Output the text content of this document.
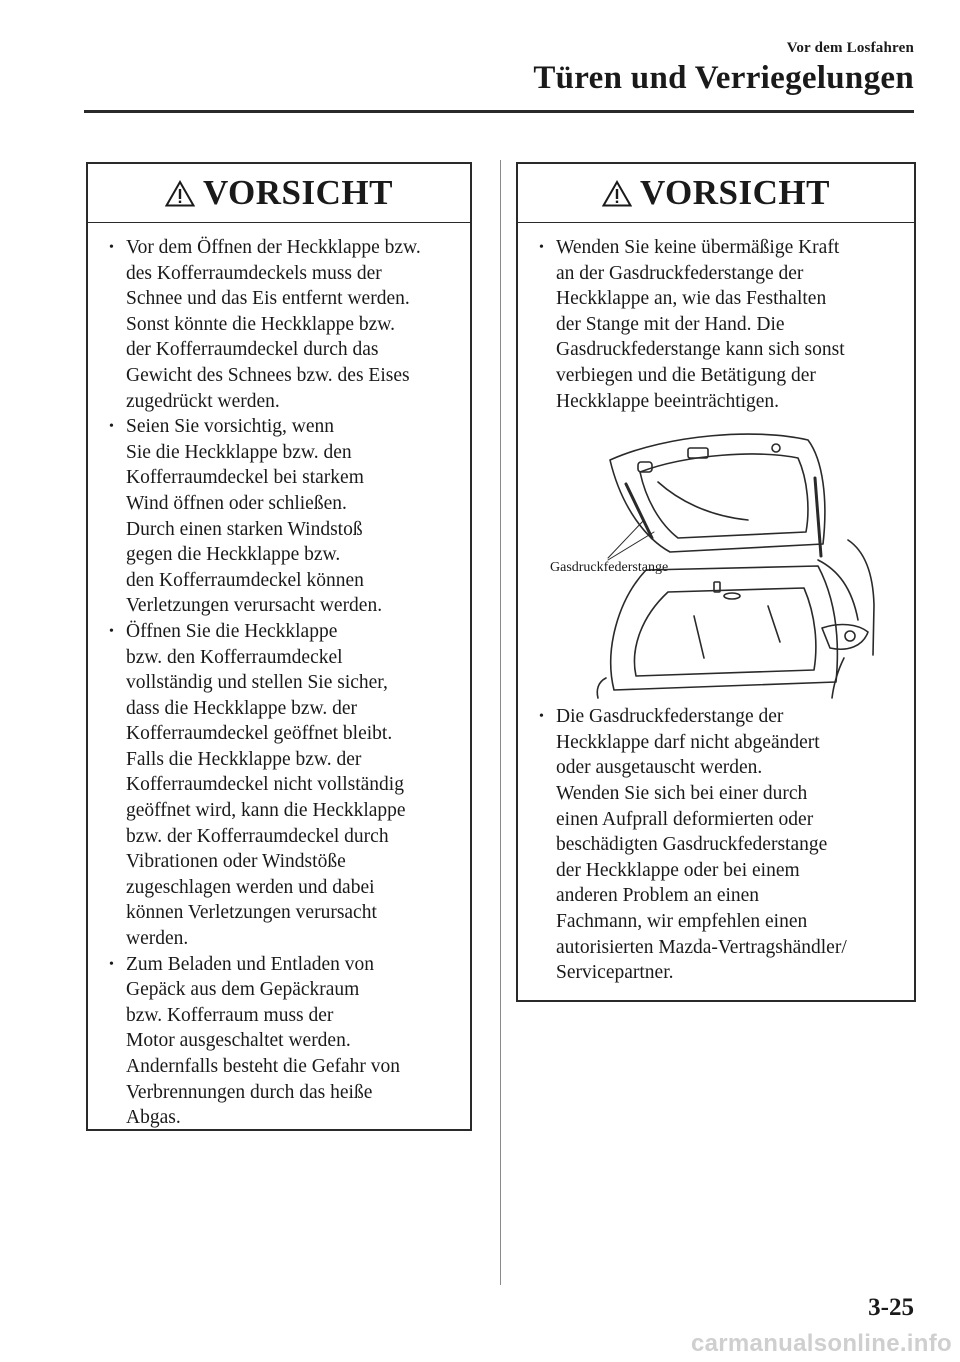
Vor dem Losfahren
Türen und Verriegelungen
VORSICHT
• Vor dem Öffnen der Heckklappe bzw.
des Kofferraumdeckels muss der
Schnee und das Eis entfernt werden.
Sonst könnte die Heckklappe bzw.
der Kofferraumdeckel durch das
Gewicht des Schnees bzw. des Eises
zugedrückt werden.
• Seien Sie vorsichtig, wenn
Sie die Heckklappe bzw. den
Kofferraumdeckel bei starkem
Wind öffnen oder schließen.
Durch einen starken Windstoß
gegen die Heckklappe bzw.
den Kofferraumdeckel können
Verletzungen verursacht werden.
• Öffnen Sie die Heckklappe
bzw. den Kofferraumdeckel
vollständig und stellen Sie sicher,
dass die Heckklappe bzw. der
Kofferraumdeckel geöffnet bleibt.
Falls die Heckklappe bzw. der
Kofferraumdeckel nicht vollständig
geöffnet wird, kann die Heckklappe
bzw. der Kofferraumdeckel durch
Vibrationen oder Windstöße
zugeschlagen werden und dabei
können Verletzungen verursacht
werden.
• Zum Beladen und Entladen von
Gepäck aus dem Gepäckraum
bzw. Kofferraum muss der
Motor ausgeschaltet werden.
Andernfalls besteht die Gefahr von
Verbrennungen durch das heiße
Abgas.
VORSICHT
• Wenden Sie keine übermäßige Kraft
an der Gasdruckfederstange der
Heckklappe an, wie das Festhalten
der Stange mit der Hand. Die
Gasdruckfederstange kann sich sonst
verbiegen und die Betätigung der
Heckklappe beeinträchtigen.
Gasdruckfederstange
• Die Gasdruckfederstange der
Heckklappe darf nicht abgeändert
oder ausgetauscht werden.
Wenden Sie sich bei einer durch
einen Aufprall deformierten oder
beschädigten Gasdruckfederstange
der Heckklappe oder bei einem
anderen Problem an einen
Fachmann, wir empfehlen einen
autorisierten Mazda-Vertragshändler/
Servicepartner.
3-25
carmanualsonline.info
